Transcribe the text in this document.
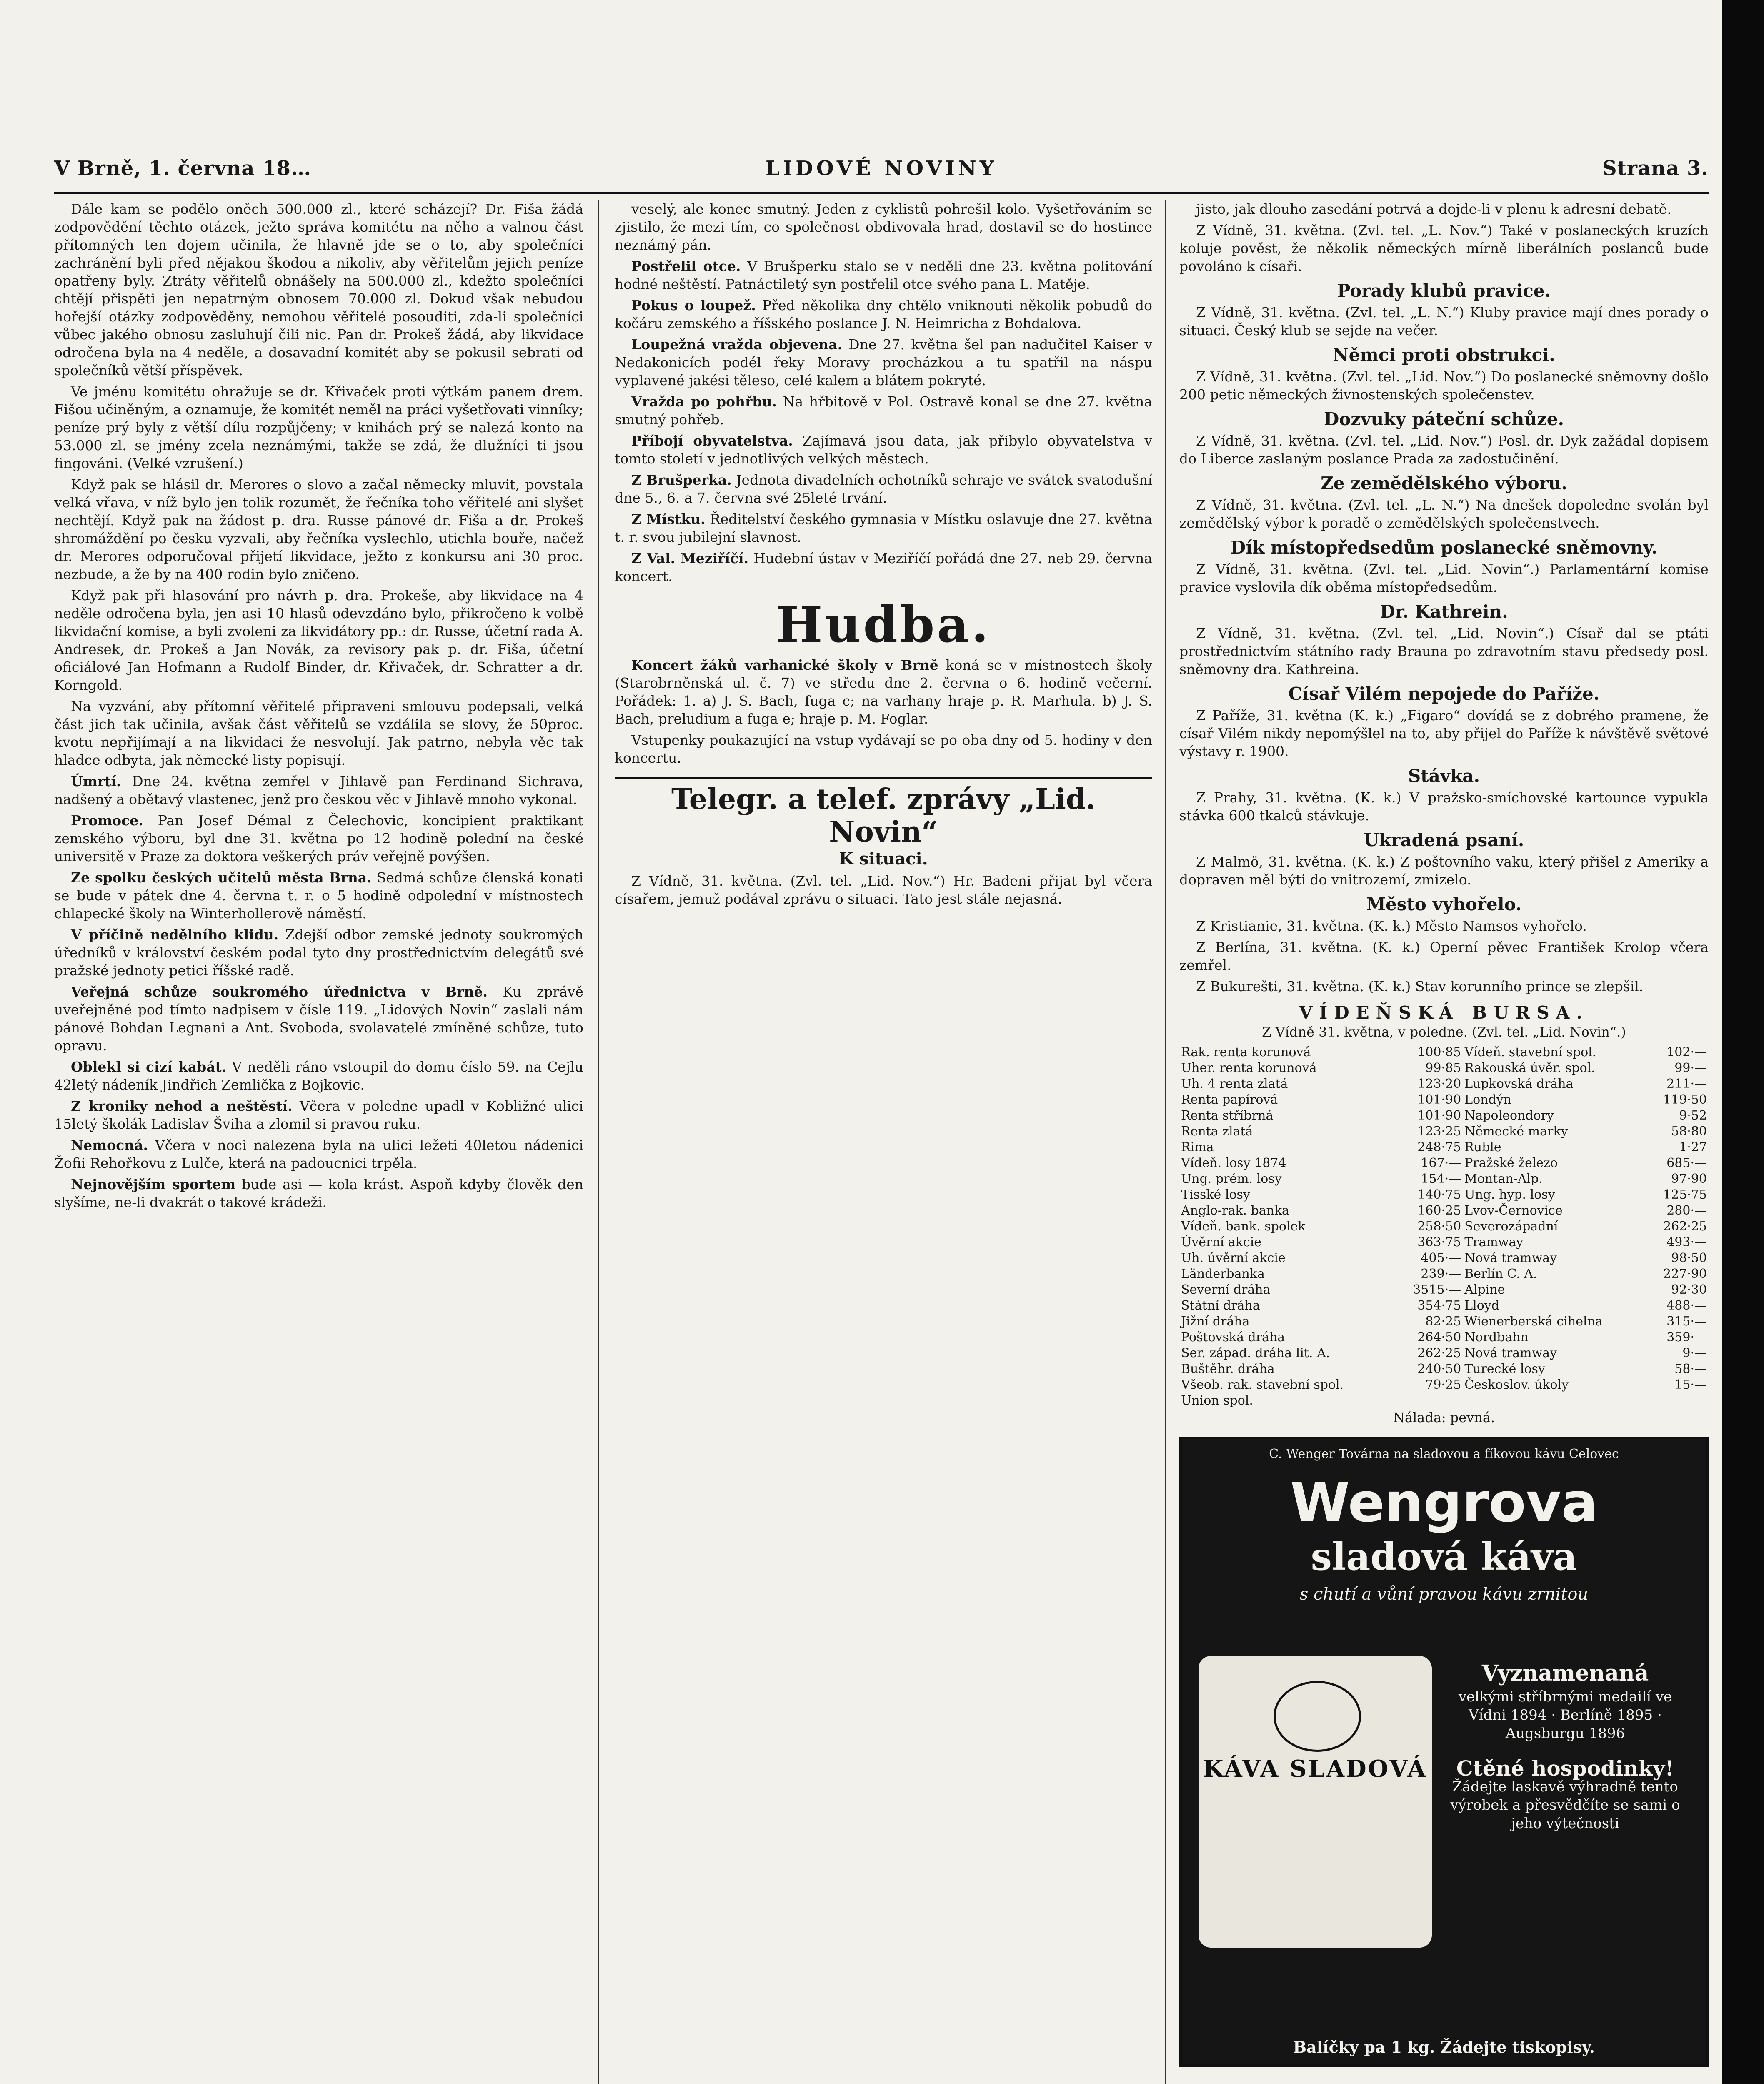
V Brně, 1. června 18…	LIDOVÉ NOVINY	Strana 3.

Dále kam se podělo oněch 500.000 zl., které scházejí? Dr. Fiša žádá zodpovědění těchto otázek, ježto správa komitétu na něho a valnou část přítomných ten dojem učinila, že hlavně jde se o to, aby společníci zachránění byli před nějakou škodou a nikoliv, aby věřitelům jejich peníze opatřeny byly. Ztráty věřitelů obnášely na 500.000 zl., kdežto společníci chtějí přispěti jen nepatrným obnosem 70.000 zl. Dokud však nebudou hořejší otázky zodpověděny, nemohou věřitelé posouditi, zda-li společníci vůbec jakého obnosu zasluhují čili nic. Pan dr. Prokeš žádá, aby likvidace odročena byla na 4 neděle, a dosavadní komitét aby se pokusil sebrati od společníků větší příspěvek.

Ve jménu komitétu ohražuje se dr. Křivaček proti výtkám panem drem. Fišou učiněným, a oznamuje, že komitét neměl na práci vyšetřovati vinníky; peníze prý byly z větší dílu rozpůjčeny; v knihách prý se nalezá konto na 53.000 zl. se jmény zcela neznámými, takže se zdá, že dlužníci ti jsou fingováni. (Velké vzrušení.)

Když pak se hlásil dr. Merores o slovo a začal německy mluvit, povstala velká vřava, v níž bylo jen tolik rozumět, že řečníka toho věřitelé ani slyšet nechtějí. Když pak na žádost p. dra. Russe pánové dr. Fiša a dr. Prokeš shromáždění po česku vyzvali, aby řečníka vyslechlo, utichla bouře, načež dr. Merores odporučoval přijetí likvidace, ježto z konkursu ani 30 proc. nezbude, a že by na 400 rodin bylo zničeno.

Když pak při hlasování pro návrh p. dra. Prokeše, aby likvidace na 4 neděle odročena byla, jen asi 10 hlasů odevzdáno bylo, přikročeno k volbě likvidační komise, a byli zvoleni za likvidátory pp.: dr. Russe, účetní rada A. Andresek, dr. Prokeš a Jan Novák, za revisory pak p. dr. Fiša, účetní oficiálové Jan Hofmann a Rudolf Binder, dr. Křivaček, dr. Schratter a dr. Korngold.

Na vyzvání, aby přítomní věřitelé připraveni smlouvu podepsali, velká část jich tak učinila, avšak část věřitelů se vzdálila se slovy, že 50proc. kvotu nepřijímají a na likvidaci že nesvolují. Jak patrno, nebyla věc tak hladce odbyta, jak německé listy popisují.

Úmrtí. Dne 24. května zemřel v Jihlavě pan Ferdinand Sichrava, nadšený a obětavý vlastenec, jenž pro českou věc v Jihlavě mnoho vykonal.

Promoce. Pan Josef Démal z Čelechovic, koncipient praktikant zemského výboru, byl dne 31. května po 12 hodině polední na české universitě v Praze za doktora veškerých práv veřejně povýšen.

Ze spolku českých učitelů města Brna. Sedmá schůze členská konati se bude v pátek dne 4. června t. r. o 5 hodině odpolední v místnostech chlapecké školy na Winterhollerově náměstí.

V příčině nedělního klidu. Zdejší odbor zemské jednoty soukromých úředníků v království českém podal tyto dny prostřednictvím delegátů své pražské jednoty petici říšské radě.

Veřejná schůze soukromého úřednictva v Brně. Ku zprávě uveřejněné pod tímto nadpisem v čísle 119. „Lidových Novin“ zaslali nám pánové Bohdan Legnani a Ant. Svoboda, svolavatelé zmíněné schůze, tuto opravu.

Oblekl si cizí kabát. V neděli ráno vstoupil do domu číslo 59. na Cejlu 42letý nádeník Jindřich Zemlička z Bojkovic.

Z kroniky nehod a neštěstí. Včera v poledne upadl v Kobližné ulici 15letý školák Ladislav Šviha a zlomil si pravou ruku.

Nemocná. Včera v noci nalezena byla na ulici ležeti 40letou nádenici Žofii Rehořkovu z Lulče, která na padoucnici trpěla.

Nejnovějším sportem bude asi — kola krást. Aspoň kdyby člověk den slyšíme, ne-li dvakrát o takové krádeži.

veselý, ale konec smutný. Jeden z cyklistů pohrešil kolo. Vyšetřováním se zjistilo, že mezi tím, co společnost obdivovala hrad, dostavil se do hostince neznámý pán.

Postřelil otce. V Brušperku stalo se v neděli dne 23. května politování hodné neštěstí. Patnáctiletý syn postřelil otce svého pana L. Matěje.

Pokus o loupež. Před několika dny chtělo vniknouti několik pobudů do kočáru zemského a říšského poslance J. N. Heimricha z Bohdalova.

Loupežná vražda objevena. Dne 27. května šel pan nadučitel Kaiser v Nedakonicích podél řeky Moravy procházkou a tu spatřil na náspu vyplavené jakési těleso, celé kalem a blátem pokryté.

Vražda po pohřbu. Na hřbitově v Pol. Ostravě konal se dne 27. května smutný pohřeb.

Příbojí obyvatelstva. Zajímavá jsou data, jak přibylo obyvatelstva v tomto století v jednotlivých velkých městech.

Z Brušperka. Jednota divadelních ochotníků sehraje ve svátek svatodušní dne 5., 6. a 7. června své 25leté trvání.

Z Místku. Ředitelství českého gymnasia v Místku oslavuje dne 27. května t. r. svou jubilejní slavnost.

Z Val. Meziříčí. Hudební ústav v Meziříčí pořádá dne 27. neb 29. června koncert.

Hudba.

Koncert žáků varhanické školy v Brně koná se v místnostech školy (Starobrněnská ul. č. 7) ve středu dne 2. června o 6. hodině večerní. Pořádek: 1. a) J. S. Bach, fuga c; na varhany hraje p. R. Marhula. b) J. S. Bach, preludium a fuga e; hraje p. M. Foglar.

Vstupenky poukazující na vstup vydávají se po oba dny od 5. hodiny v den koncertu.

Telegr. a telef. zprávy „Lid. Novin“
K situaci.

Z Vídně, 31. května. (Zvl. tel. „Lid. Nov.“) Hr. Badeni přijat byl včera císařem, jemuž podával zprávu o situaci. Tato jest stále nejasná.

jisto, jak dlouho zasedání potrvá a dojde-li v plenu k adresní debatě.

Z Vídně, 31. května. (Zvl. tel. „L. Nov.“) Také v poslaneckých kruzích koluje pověst, že několik německých mírně liberálních poslanců bude povoláno k císaři.

Porady klubů pravice.

Z Vídně, 31. května. (Zvl. tel. „L. N.“) Kluby pravice mají dnes porady o situaci. Český klub se sejde na večer.

Němci proti obstrukci.

Z Vídně, 31. května. (Zvl. tel. „Lid. Nov.“) Do poslanecké sněmovny došlo 200 petic německých živnostenských společenstev.

Dozvuky páteční schůze.

Z Vídně, 31. května. (Zvl. tel. „Lid. Nov.“) Posl. dr. Dyk zažádal dopisem do Liberce zaslaným poslance Prada za zadostučinění.

Ze zemědělského výboru.

Z Vídně, 31. května. (Zvl. tel. „L. N.“) Na dnešek dopoledne svolán byl zemědělský výbor k poradě o zemědělských společenstvech.

Dík místopředsedům poslanecké sněmovny.

Z Vídně, 31. května. (Zvl. tel. „Lid. Novin“.) Parlamentární komise pravice vyslovila dík oběma místopředsedům.

Dr. Kathrein.

Z Vídně, 31. května. (Zvl. tel. „Lid. Novin“.) Císař dal se ptáti prostřednictvím státního rady Brauna po zdravotním stavu předsedy posl. sněmovny dra. Kathreina.

Císař Vilém nepojede do Paříže.

Z Paříže, 31. května (K. k.) „Figaro“ dovídá se z dobrého pramene, že císař Vilém nikdy nepomýšlel na to, aby přijel do Paříže k návštěvě světové výstavy r. 1900.

Stávka.

Z Prahy, 31. května. (K. k.) V pražsko-smíchovské kartounce vypukla stávka 600 tkalců stávkuje.

Ukradená psaní.

Z Malmö, 31. května. (K. k.) Z poštovního vaku, který přišel z Ameriky a dopraven měl býti do vnitrozemí, zmizelo.

Město vyhořelo.

Z Kristianie, 31. května. (K. k.) Město Namsos vyhořelo.

Z Berlína, 31. května. (K. k.) Operní pěvec František Krolop včera zemřel.

Z Bukurešti, 31. května. (K. k.) Stav korunního prince se zlepšil.

VÍDEŇSKÁ BURSA.
Z Vídně 31. května, v poledne. (Zvl. tel. „Lid. Novin“.)
Rak. renta korunová	100·85	Vídeň. stavební spol.	102·—
Uher. renta korunová	99·85	Rakouská úvěr. spol.	99·—
Uh. 4 renta zlatá	123·20	Lupkovská dráha	211·—
Renta papírová	101·90	Londýn	119·50
Renta stříbrná	101·90	Napoleondory	9·52
Renta zlatá	123·25	Německé marky	58·80
Rima	248·75	Ruble	1·27
Vídeň. losy 1874	167·—	Pražské železo	685·—
Ung. prém. losy	154·—	Montan-Alp.	97·90
Tisské losy	140·75	Ung. hyp. losy	125·75
Anglo-rak. banka	160·25	Lvov-Černovice	280·—
Vídeň. bank. spolek	258·50	Severozápadní	262·25
Úvěrní akcie	363·75	Tramway	493·—
Uh. úvěrní akcie	405·—	Nová tramway	98·50
Länderbanka	239·—	Berlín C. A.	227·90
Severní dráha	3515·—	Alpine	92·30
Státní dráha	354·75	Lloyd	488·—
Jižní dráha	82·25	Wienerberská cihelna	315·—
Poštovská dráha	264·50	Nordbahn	359·—
Ser. západ. dráha lit. A.	262·25	Nová tramway	9·—
Buštěhr. dráha	240·50	Turecké losy	58·—
Všeob. rak. stavební spol.	79·25	Českoslov. úkoly	15·—
Union spol.			
Nálada: pevná.
C. Wenger Továrna na sladovou a fíkovou kávu Celovec
Wengrova
sladová káva
s chutí a vůní pravou kávu zrnitou
KÁVA SLADOVÁ
Vyznamenaná
velkými stříbrnými medailí ve Vídni 1894 · Berlíně 1895 · Augsburgu 1896
Ctěné hospodinky!
Žádejte laskavě výhradně tento výrobek a přesvědčíte se sami o jeho výtečnosti
Balíčky pa 1 kg. Žádejte tiskopisy.
